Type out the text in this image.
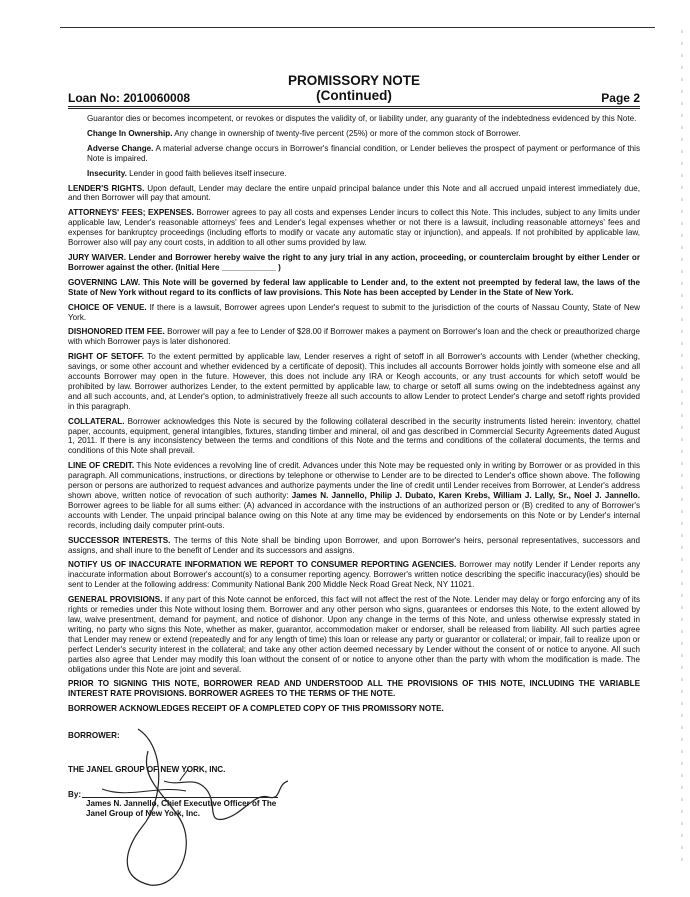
Loan No: 2010060008
PROMISSORY NOTE
(Continued)	Page 2

Guarantor dies or becomes incompetent, or revokes or disputes the validity of, or liability under, any guaranty of the indebtedness evidenced by this Note.

Change In Ownership. Any change in ownership of twenty-five percent (25%) or more of the common stock of Borrower.

Adverse Change. A material adverse change occurs in Borrower's financial condition, or Lender believes the prospect of payment or performance of this Note is impaired.

Insecurity. Lender in good faith believes itself insecure.

LENDER'S RIGHTS. Upon default, Lender may declare the entire unpaid principal balance under this Note and all accrued unpaid interest immediately due, and then Borrower will pay that amount.

ATTORNEYS' FEES; EXPENSES. Borrower agrees to pay all costs and expenses Lender incurs to collect this Note. This includes, subject to any limits under applicable law, Lender's reasonable attorneys' fees and Lender's legal expenses whether or not there is a lawsuit, including reasonable attorneys' fees and expenses for bankruptcy proceedings (including efforts to modify or vacate any automatic stay or injunction), and appeals. If not prohibited by applicable law, Borrower also will pay any court costs, in addition to all other sums provided by law.

JURY WAIVER. Lender and Borrower hereby waive the right to any jury trial in any action, proceeding, or counterclaim brought by either Lender or Borrower against the other. (Initial Here ____________ )

GOVERNING LAW. This Note will be governed by federal law applicable to Lender and, to the extent not preempted by federal law, the laws of the State of New York without regard to its conflicts of law provisions. This Note has been accepted by Lender in the State of New York.

CHOICE OF VENUE. If there is a lawsuit, Borrower agrees upon Lender's request to submit to the jurisdiction of the courts of Nassau County, State of New York.

DISHONORED ITEM FEE. Borrower will pay a fee to Lender of $28.00 if Borrower makes a payment on Borrower's loan and the check or preauthorized charge with which Borrower pays is later dishonored.

RIGHT OF SETOFF. To the extent permitted by applicable law, Lender reserves a right of setoff in all Borrower's accounts with Lender (whether checking, savings, or some other account and whether evidenced by a certificate of deposit). This includes all accounts Borrower holds jointly with someone else and all accounts Borrower may open in the future. However, this does not include any IRA or Keogh accounts, or any trust accounts for which setoff would be prohibited by law. Borrower authorizes Lender, to the extent permitted by applicable law, to charge or setoff all sums owing on the indebtedness against any and all such accounts, and, at Lender's option, to administratively freeze all such accounts to allow Lender to protect Lender's charge and setoff rights provided in this paragraph.

COLLATERAL. Borrower acknowledges this Note is secured by the following collateral described in the security instruments listed herein: inventory, chattel paper, accounts, equipment, general intangibles, fixtures, standing timber and mineral, oil and gas described in Commercial Security Agreements dated August 1, 2011. If there is any inconsistency between the terms and conditions of this Note and the terms and conditions of the collateral documents, the terms and conditions of this Note shall prevail.

LINE OF CREDIT. This Note evidences a revolving line of credit. Advances under this Note may be requested only in writing by Borrower or as provided in this paragraph. All communications, instructions, or directions by telephone or otherwise to Lender are to be directed to Lender's office shown above. The following person or persons are authorized to request advances and authorize payments under the line of credit until Lender receives from Borrower, at Lender's address shown above, written notice of revocation of such authority: James N. Jannello, Philip J. Dubato, Karen Krebs, William J. Lally, Sr., Noel J. Jannello. Borrower agrees to be liable for all sums either: (A) advanced in accordance with the instructions of an authorized person or (B) credited to any of Borrower's accounts with Lender. The unpaid principal balance owing on this Note at any time may be evidenced by endorsements on this Note or by Lender's internal records, including daily computer print-outs.

SUCCESSOR INTERESTS. The terms of this Note shall be binding upon Borrower, and upon Borrower's heirs, personal representatives, successors and assigns, and shall inure to the benefit of Lender and its successors and assigns.

NOTIFY US OF INACCURATE INFORMATION WE REPORT TO CONSUMER REPORTING AGENCIES. Borrower may notify Lender if Lender reports any inaccurate information about Borrower's account(s) to a consumer reporting agency. Borrower's written notice describing the specific inaccuracy(ies) should be sent to Lender at the following address: Community National Bank 200 Middle Neck Road Great Neck, NY 11021.

GENERAL PROVISIONS. If any part of this Note cannot be enforced, this fact will not affect the rest of the Note. Lender may delay or forgo enforcing any of its rights or remedies under this Note without losing them. Borrower and any other person who signs, guarantees or endorses this Note, to the extent allowed by law, waive presentment, demand for payment, and notice of dishonor. Upon any change in the terms of this Note, and unless otherwise expressly stated in writing, no party who signs this Note, whether as maker, guarantor, accommodation maker or endorser, shall be released from liability. All such parties agree that Lender may renew or extend (repeatedly and for any length of time) this loan or release any party or guarantor or collateral; or impair, fail to realize upon or perfect Lender's security interest in the collateral; and take any other action deemed necessary by Lender without the consent of or notice to anyone. All such parties also agree that Lender may modify this loan without the consent of or notice to anyone other than the party with whom the modification is made. The obligations under this Note are joint and several.

PRIOR TO SIGNING THIS NOTE, BORROWER READ AND UNDERSTOOD ALL THE PROVISIONS OF THIS NOTE, INCLUDING THE VARIABLE INTEREST RATE PROVISIONS. BORROWER AGREES TO THE TERMS OF THE NOTE.

BORROWER ACKNOWLEDGES RECEIPT OF A COMPLETED COPY OF THIS PROMISSORY NOTE.

BORROWER:
THE JANEL GROUP OF NEW YORK, INC.
By:
James N. Jannello, Chief Executive Officer of The
Janel Group of New York, Inc.
